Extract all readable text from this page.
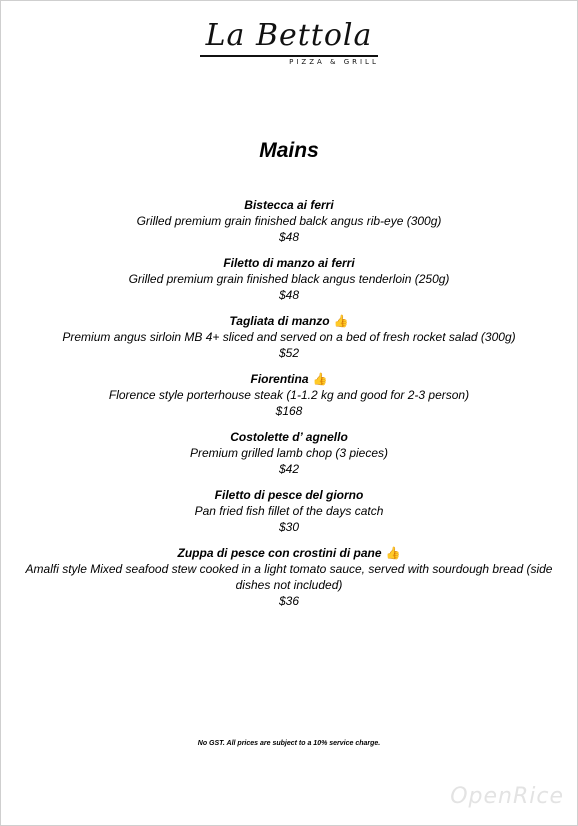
La Bettola
PIZZA & GRILL
Mains
Bistecca ai ferri
Grilled premium grain finished balck angus rib-eye (300g)
$48
Filetto di manzo ai ferri
Grilled premium grain finished black angus tenderloin (250g)
$48
Tagliata di manzo 👍
Premium angus sirloin MB 4+ sliced and served on a bed of fresh rocket salad (300g)
$52
Fiorentina 👍
Florence style porterhouse steak (1-1.2 kg and good for 2-3 person)
$168
Costolette d’ agnello
Premium grilled lamb chop (3 pieces)
$42
Filetto di pesce del giorno
Pan fried fish fillet of the days catch
$30
Zuppa di pesce con crostini di pane 👍
Amalfi style Mixed seafood stew cooked in a light tomato sauce, served with sourdough bread (side dishes not included)
$36
No GST. All prices are subject to a 10% service charge.
OpenRice
